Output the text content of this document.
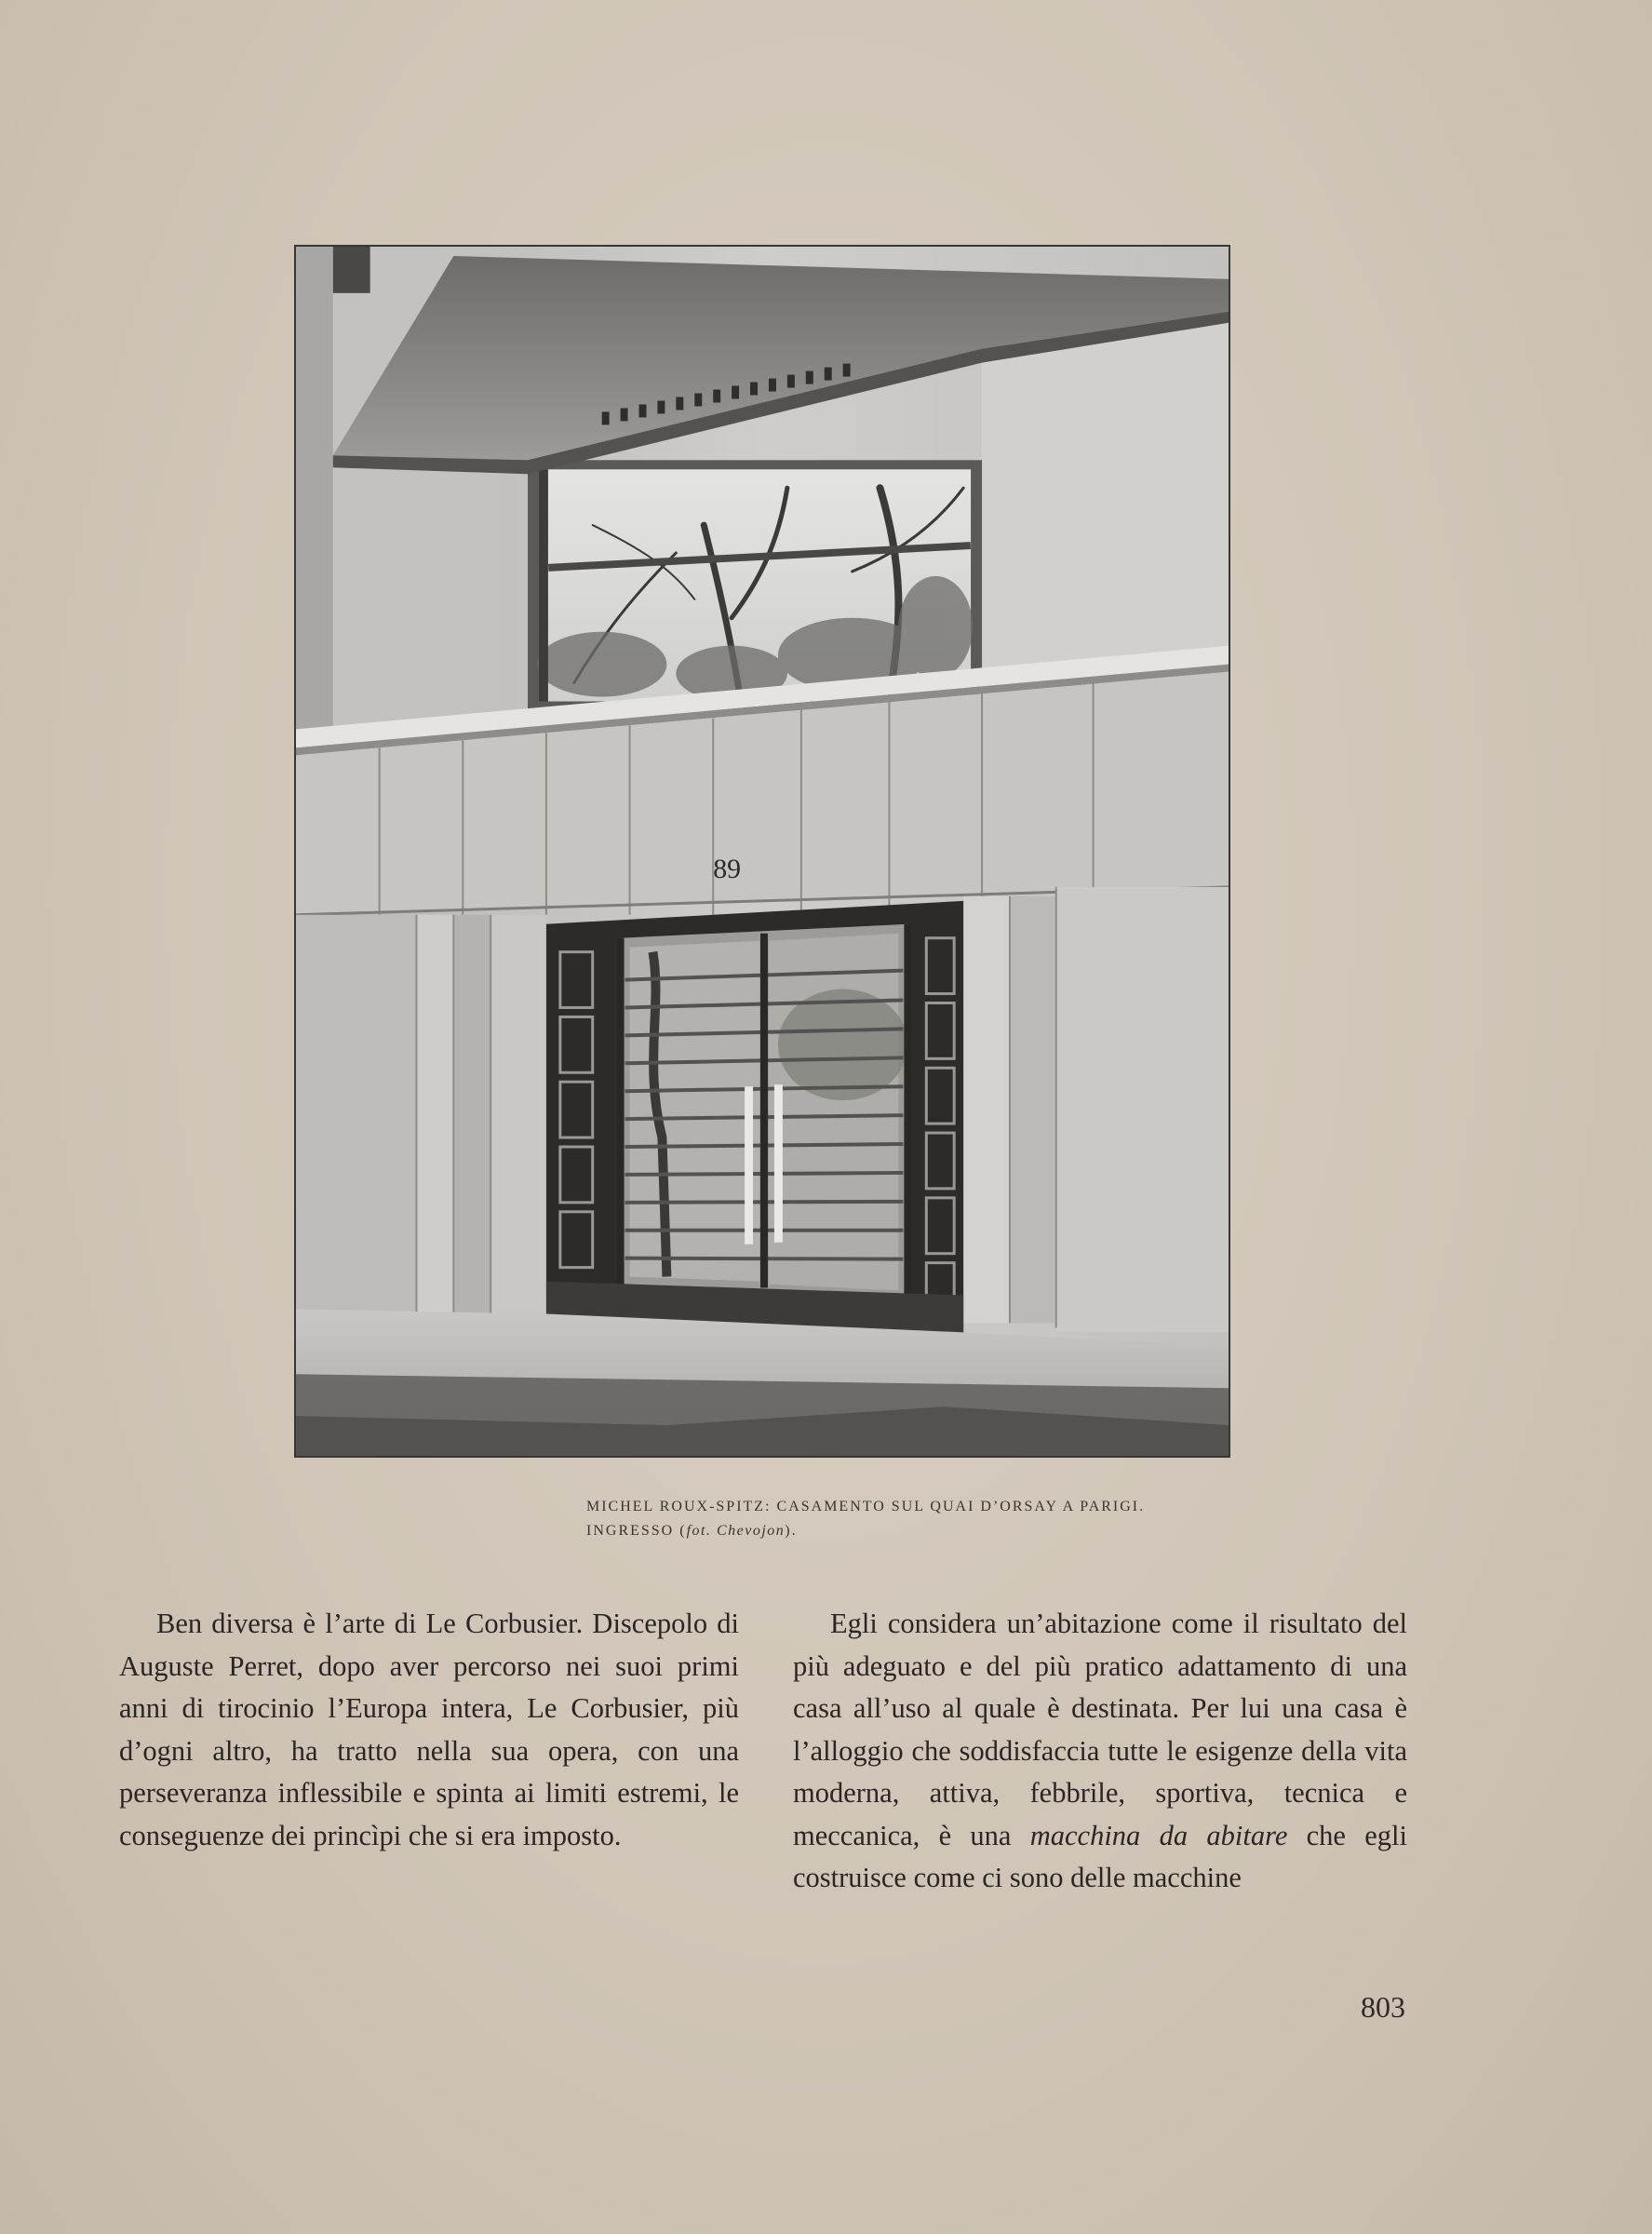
89
MICHEL ROUX-SPITZ: CASAMENTO SUL QUAI D’ORSAY A PARIGI.
INGRESSO (fot. Chevojon).

Ben diversa è l’arte di Le Corbusier. Discepolo di Auguste Perret, dopo aver percorso nei suoi primi anni di tirocinio l’Europa intera, Le Corbusier, più d’ogni altro, ha tratto nella sua opera, con una perseveranza inflessibile e spinta ai limiti estremi, le conseguenze dei princìpi che si era imposto.

Egli considera un’abitazione come il risultato del più adeguato e del più pratico adattamento di una casa all’uso al quale è destinata. Per lui una casa è l’alloggio che soddisfaccia tutte le esigenze della vita moderna, attiva, febbrile, sportiva, tecnica e meccanica, è una macchina da abitare che egli costruisce come ci sono delle macchine

803
